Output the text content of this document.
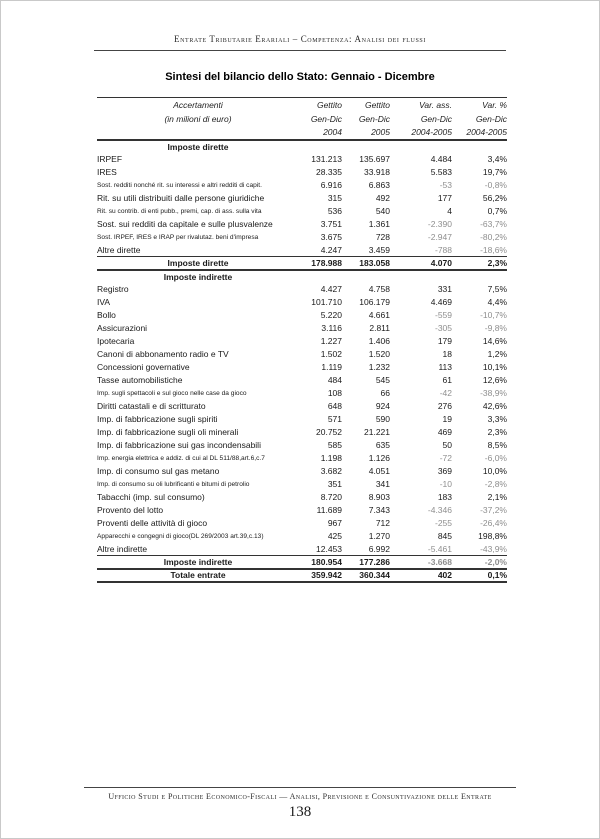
Entrate Tributarie Erariali – Competenza: Analisi dei flussi
Sintesi del bilancio dello Stato: Gennaio - Dicembre
Accertamenti	Gettito	Gettito	Var. ass.	Var. %
(in milioni di euro)	Gen-Dic	Gen-Dic	Gen-Dic	Gen-Dic
	2004	2005	2004-2005	2004-2005
Imposte dirette				
IRPEF	131.213	135.697	4.484	3,4%
IRES	28.335	33.918	5.583	19,7%
Sost. redditi nonché rit. su interessi e altri redditi di capit.	6.916	6.863	-53	-0,8%
Rit. su utili distribuiti dalle persone giuridiche	315	492	177	56,2%
Rit. su contrib. di enti pubb., premi, cap. di ass. sulla vita	536	540	4	0,7%
Sost. sui redditi da capitale e sulle plusvalenze	3.751	1.361	-2.390	-63,7%
Sost. IRPEF, IRES e IRAP per rivalutaz. beni d'impresa	3.675	728	-2.947	-80,2%
Altre dirette	4.247	3.459	-788	-18,6%
Imposte dirette	178.988	183.058	4.070	2,3%
Imposte indirette				
Registro	4.427	4.758	331	7,5%
IVA	101.710	106.179	4.469	4,4%
Bollo	5.220	4.661	-559	-10,7%
Assicurazioni	3.116	2.811	-305	-9,8%
Ipotecaria	1.227	1.406	179	14,6%
Canoni di abbonamento radio e TV	1.502	1.520	18	1,2%
Concessioni governative	1.119	1.232	113	10,1%
Tasse automobilistiche	484	545	61	12,6%
Imp. sugli spettacoli e sul gioco nelle case da gioco	108	66	-42	-38,9%
Diritti catastali e di scritturato	648	924	276	42,6%
Imp. di fabbricazione sugli spiriti	571	590	19	3,3%
Imp. di fabbricazione sugli oli minerali	20.752	21.221	469	2,3%
Imp. di fabbricazione sui gas incondensabili	585	635	50	8,5%
Imp. energia elettrica e addiz. di cui al DL 511/88,art.6,c.7	1.198	1.126	-72	-6,0%
Imp. di consumo sul gas metano	3.682	4.051	369	10,0%
Imp. di consumo su oli lubrificanti e bitumi di petrolio	351	341	-10	-2,8%
Tabacchi (imp. sul consumo)	8.720	8.903	183	2,1%
Provento del lotto	11.689	7.343	-4.346	-37,2%
Proventi delle attività di gioco	967	712	-255	-26,4%
Apparecchi e congegni di gioco(DL 269/2003 art.39,c.13)	425	1.270	845	198,8%
Altre indirette	12.453	6.992	-5.461	-43,9%
Imposte indirette	180.954	177.286	-3.668	-2,0%
Totale entrate	359.942	360.344	402	0,1%
Ufficio Studi e Politiche Economico-Fiscali — Analisi, Previsione e Consuntivazione delle Entrate
138
